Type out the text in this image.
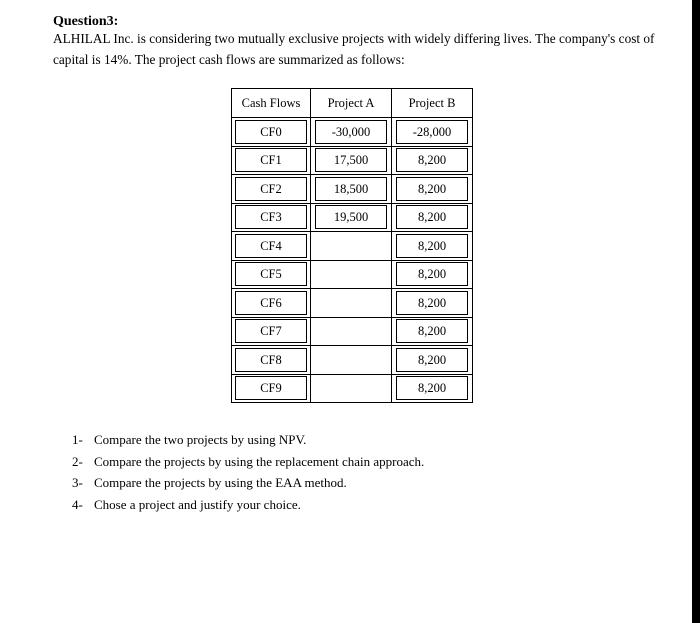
Question3:
ALHILAL Inc. is considering two mutually exclusive projects with widely differing lives. The company's cost of capital is 14%. The project cash flows are summarized as follows:
Cash Flows	Project A	Project B
CF0	-30,000	-28,000
CF1	17,500	8,200
CF2	18,500	8,200
CF3	19,500	8,200
CF4		8,200
CF5		8,200
CF6		8,200
CF7		8,200
CF8		8,200
CF9		8,200
1- Compare the two projects by using NPV.
2- Compare the projects by using the replacement chain approach.
3- Compare the projects by using the EAA method.
4- Chose a project and justify your choice.
